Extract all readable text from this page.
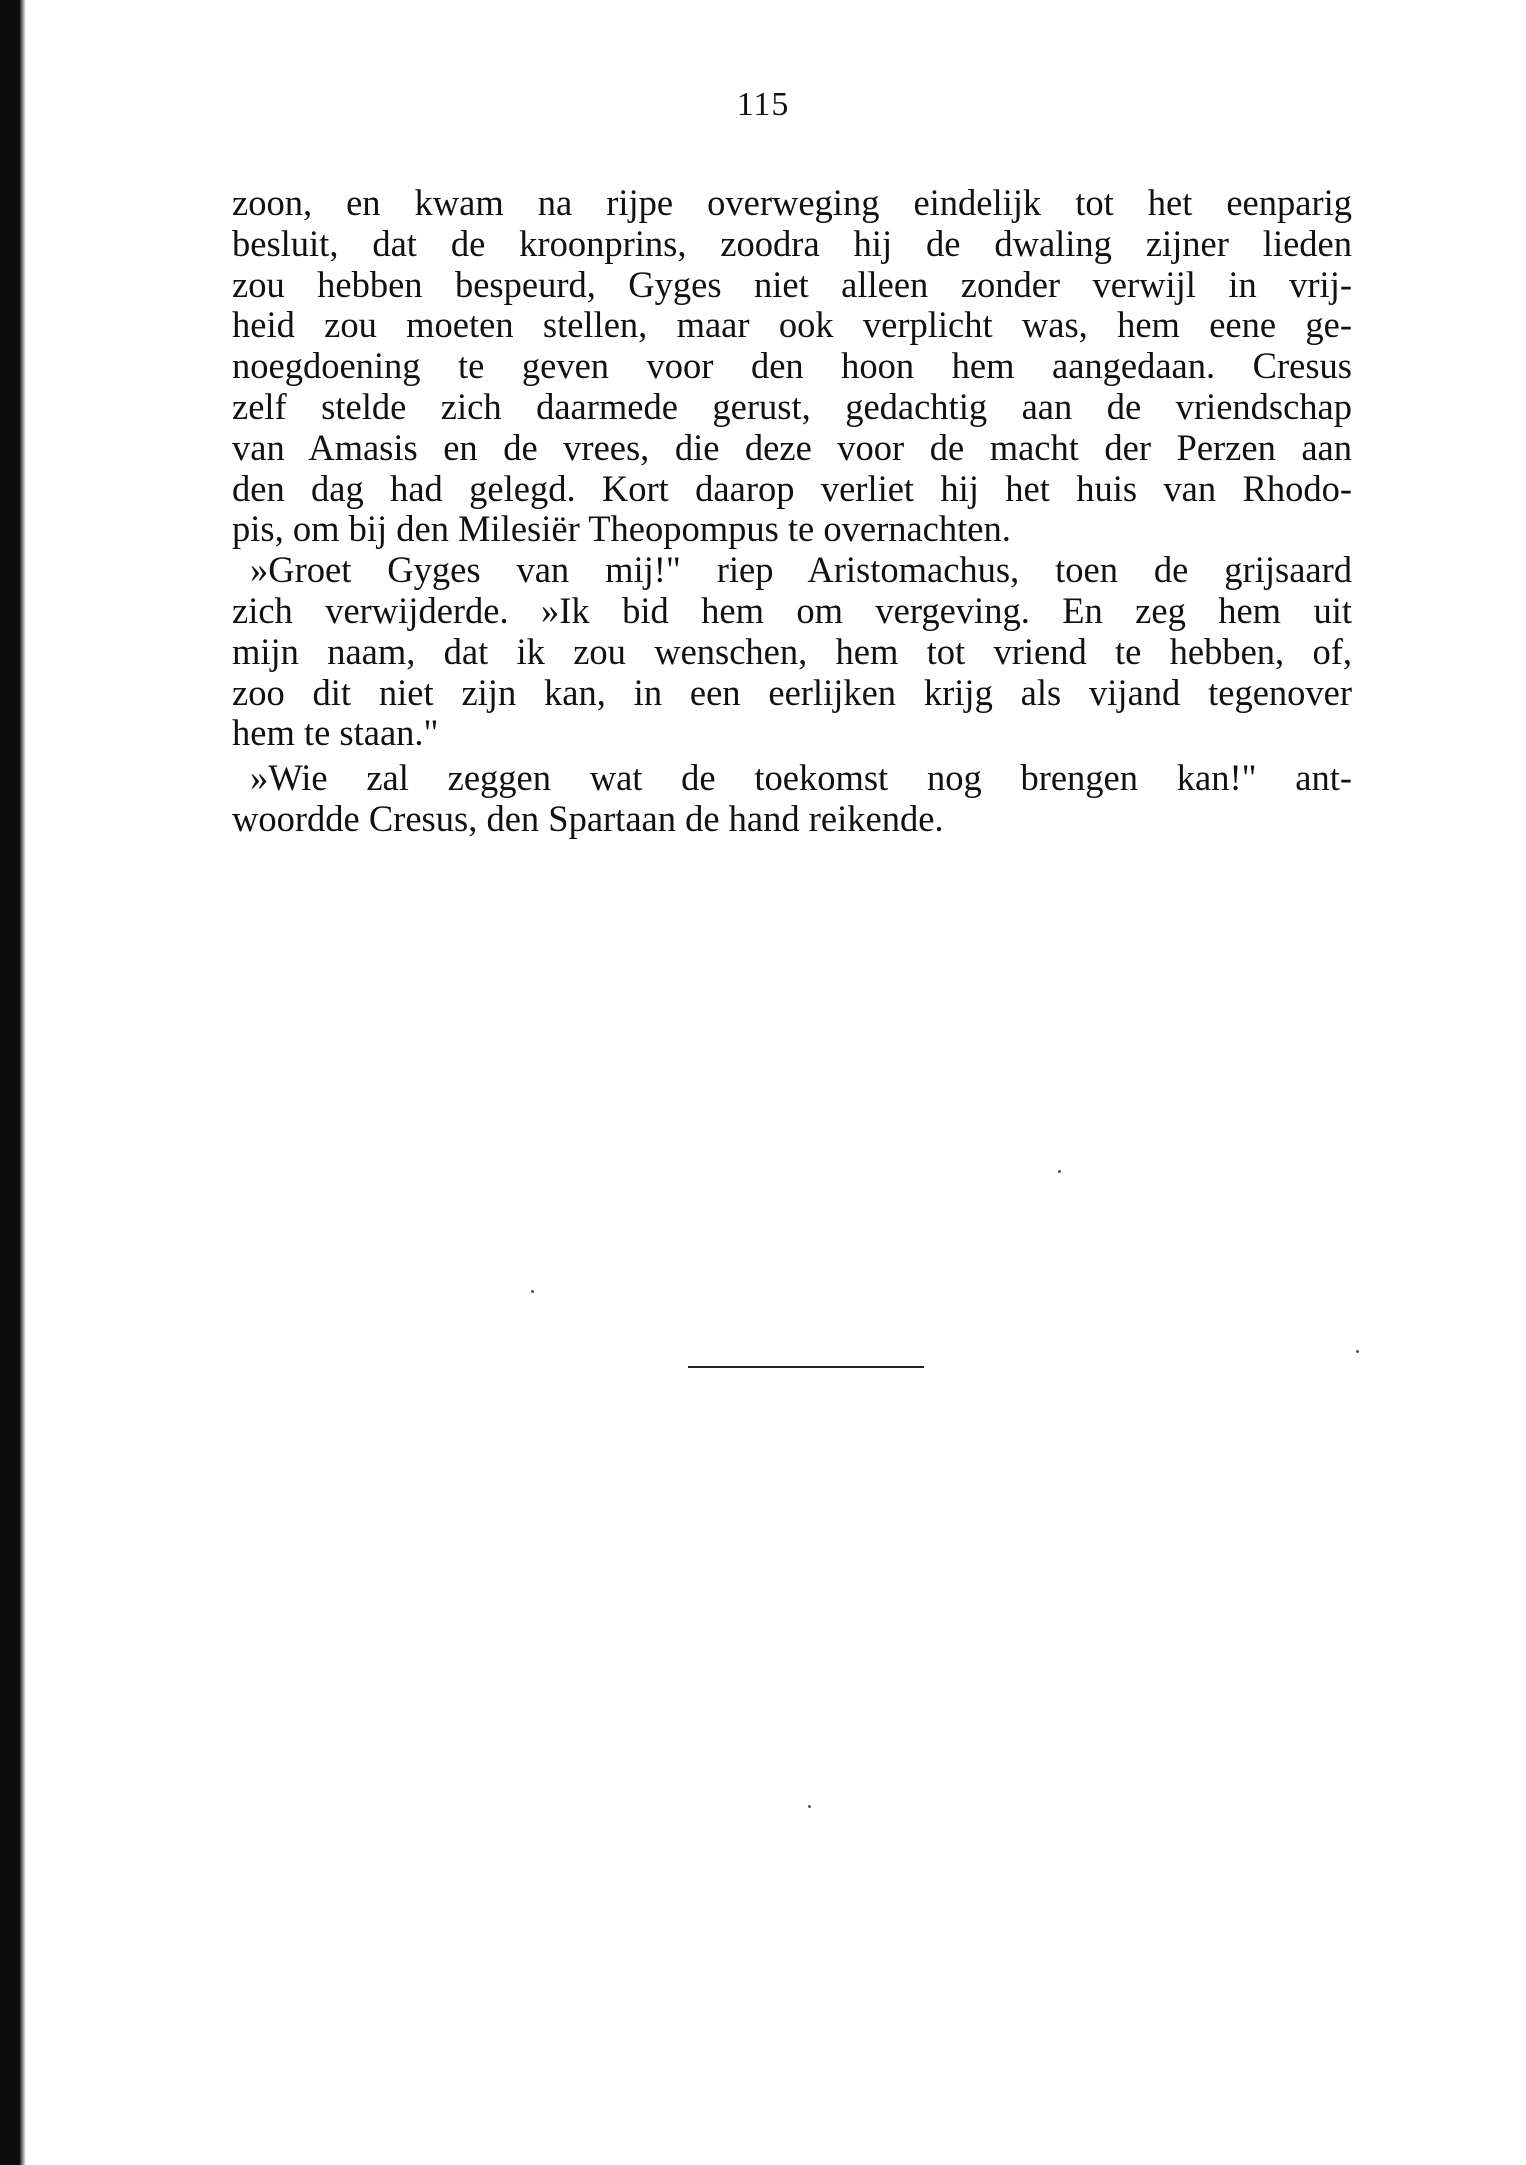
115
zoon, en kwam na rijpe overweging eindelijk tot het eenparig
besluit, dat de kroonprins, zoodra hij de dwaling zijner lieden
zou hebben bespeurd, Gyges niet alleen zonder verwijl in vrij-
heid zou moeten stellen, maar ook verplicht was, hem eene ge-
noegdoening te geven voor den hoon hem aangedaan. Cresus
zelf stelde zich daarmede gerust, gedachtig aan de vriendschap
van Amasis en de vrees, die deze voor de macht der Perzen aan
den dag had gelegd. Kort daarop verliet hij het huis van Rhodo-
pis, om bij den Milesiër Theopompus te overnachten.
»Groet Gyges van mij!" riep Aristomachus, toen de grijsaard
zich verwijderde. »Ik bid hem om vergeving. En zeg hem uit
mijn naam, dat ik zou wenschen, hem tot vriend te hebben, of,
zoo dit niet zijn kan, in een eerlijken krijg als vijand tegenover
hem te staan."
»Wie zal zeggen wat de toekomst nog brengen kan!" ant-
woordde Cresus, den Spartaan de hand reikende.
